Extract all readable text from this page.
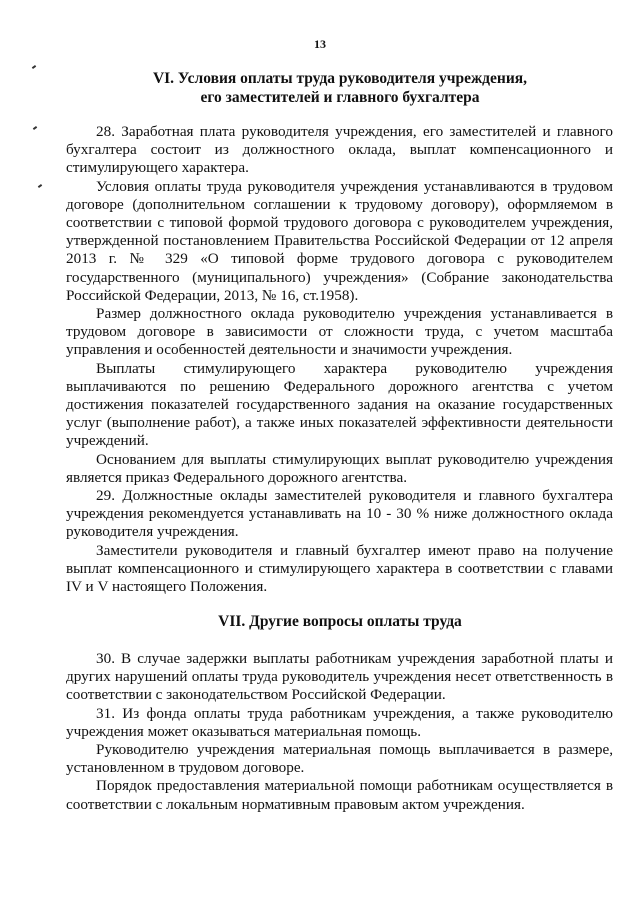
13
VI. Условия оплаты труда руководителя учреждения,
его заместителей и главного бухгалтера

28. Заработная плата руководителя учреждения, его заместителей и главного бухгалтера состоит из должностного оклада, выплат компенсационного и стимулирующего характера.

Условия оплаты труда руководителя учреждения устанавливаются в трудовом договоре (дополнительном соглашении к трудовому договору), оформляемом в соответствии с типовой формой трудового договора с руководителем учреждения, утвержденной постановлением Правительства Российской Федерации от 12 апреля 2013 г. № 329 «О типовой форме трудового договора с руководителем государственного (муниципального) учреждения» (Собрание законодательства Российской Федерации, 2013, № 16, ст.1958).

Размер должностного оклада руководителю учреждения устанавливается в трудовом договоре в зависимости от сложности труда, с учетом масштаба управления и особенностей деятельности и значимости учреждения.

Выплаты стимулирующего характера руководителю учреждения выплачиваются по решению Федерального дорожного агентства с учетом достижения показателей государственного задания на оказание государственных услуг (выполнение работ), а также иных показателей эффективности деятельности учреждений.

Основанием для выплаты стимулирующих выплат руководителю учреждения является приказ Федерального дорожного агентства.

29. Должностные оклады заместителей руководителя и главного бухгалтера учреждения рекомендуется устанавливать на 10 - 30 % ниже должностного оклада руководителя учреждения.

Заместители руководителя и главный бухгалтер имеют право на получение выплат компенсационного и стимулирующего характера в соответствии с главами IV и V настоящего Положения.

VII. Другие вопросы оплаты труда

30. В случае задержки выплаты работникам учреждения заработной платы и других нарушений оплаты труда руководитель учреждения несет ответственность в соответствии с законодательством Российской Федерации.

31. Из фонда оплаты труда работникам учреждения, а также руководителю учреждения может оказываться материальная помощь.

Руководителю учреждения материальная помощь выплачивается в размере, установленном в трудовом договоре.

Порядок предоставления материальной помощи работникам осуществляется в соответствии с локальным нормативным правовым актом учреждения.
